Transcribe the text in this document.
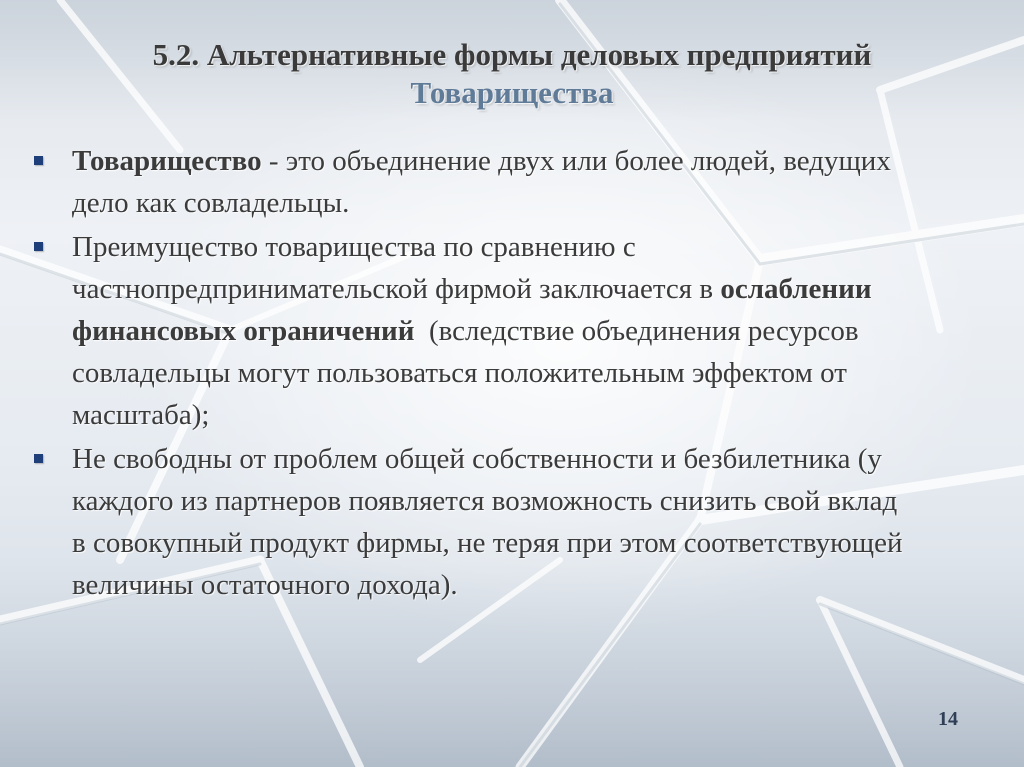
5.2. Альтернативные формы деловых предприятий
Товарищества
Товарищество - это объединение двух или более людей, ведущих дело как совладельцы.
Преимущество товарищества по сравнению с частнопредпринимательской фирмой заключается в ослаблении финансовых ограничений  (вследствие объединения ресурсов совладельцы могут пользоваться положительным эффектом от масштаба);
Не свободны от проблем общей собственности и безбилетника (у каждого из партнеров появляется возможность снизить свой вклад в совокупный продукт фирмы, не теряя при этом соответствующей величины остаточного дохода).
14
